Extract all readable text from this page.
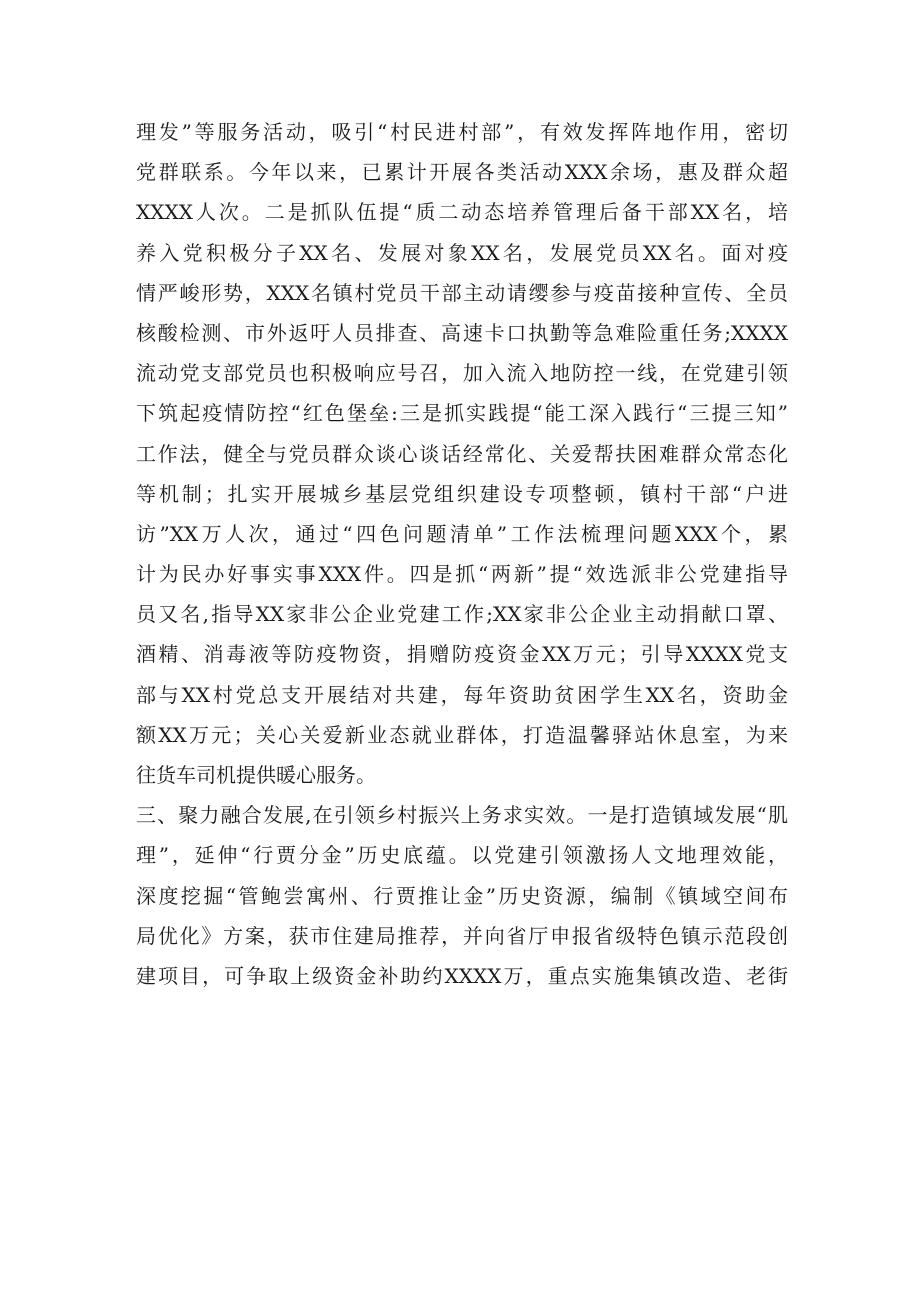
理发”等服务活动，吸引“村民进村部”，有效发挥阵地作用，密切
党群联系。今年以来，已累计开展各类活动XXX余场，惠及群众超
XXXX人次。二是抓队伍提“质二动态培养管理后备干部XX名，培
养入党积极分子XX名、发展对象XX名，发展党员XX名。面对疫
情严峻形势，XXX名镇村党员干部主动请缨参与疫苗接种宣传、全员
核酸检测、市外返吁人员排查、高速卡口执勤等急难险重任务;XXXX
流动党支部党员也积极响应号召，加入流入地防控一线，在党建引领
下筑起疫情防控“红色堡垒:三是抓实践提“能工深入践行“三提三知”
工作法，健全与党员群众谈心谈话经常化、关爱帮扶困难群众常态化
等机制；扎实开展城乡基层党组织建设专项整顿，镇村干部“户进
访”XX万人次，通过“四色问题清单”工作法梳理问题XXX个，累
计为民办好事实事XXX件。四是抓“两新”提“效选派非公党建指导
员又名,指导XX家非公企业党建工作;XX家非公企业主动捐献口罩、
酒精、消毒液等防疫物资，捐赠防疫资金XX万元；引导XXXX党支
部与XX村党总支开展结对共建，每年资助贫困学生XX名，资助金
额XX万元；关心关爱新业态就业群体，打造温馨驿站休息室，为来
往货车司机提供暖心服务。
三、聚力融合发展,在引领乡村振兴上务求实效。一是打造镇域发展“肌
理”，延伸“行贾分金”历史底蕴。以党建引领激扬人文地理效能，
深度挖掘“管鲍尝寓州、行贾推让金”历史资源，编制《镇域空间布
局优化》方案，获市住建局推荐，并向省厅申报省级特色镇示范段创
建项目，可争取上级资金补助约XXXX万，重点实施集镇改造、老街
